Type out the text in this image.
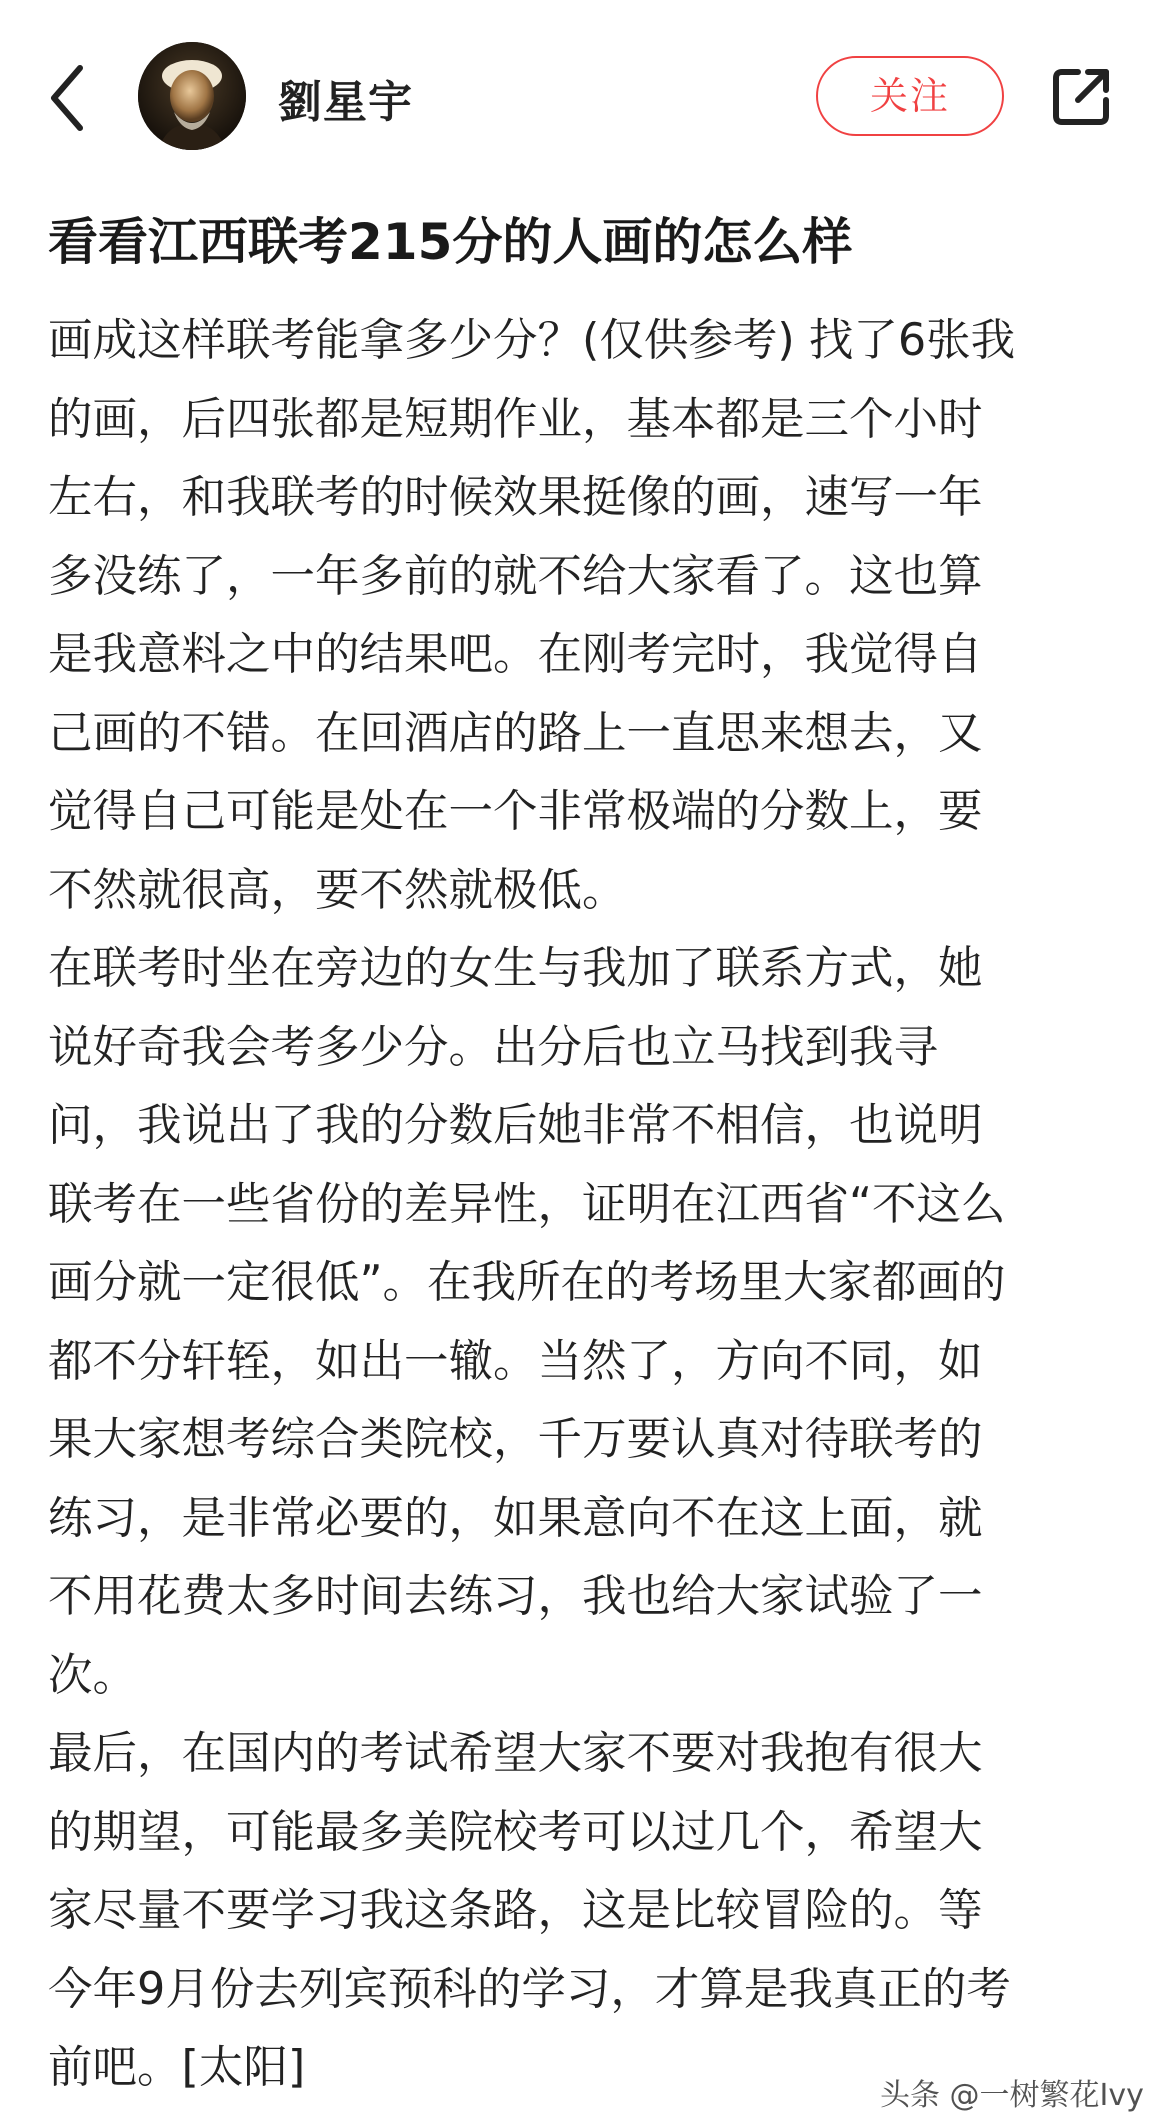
劉星宇	关注
看看江西联考215分的人画的怎么样

画成这样联考能拿多少分？(仅供参考) 找了6张我
的画，后四张都是短期作业，基本都是三个小时
左右，和我联考的时候效果挺像的画，速写一年
多没练了，一年多前的就不给大家看了。这也算
是我意料之中的结果吧。在刚考完时，我觉得自
己画的不错。在回酒店的路上一直思来想去，又
觉得自己可能是处在一个非常极端的分数上，要
不然就很高，要不然就极低。

在联考时坐在旁边的女生与我加了联系方式，她
说好奇我会考多少分。出分后也立马找到我寻
问，我说出了我的分数后她非常不相信，也说明
联考在一些省份的差异性，证明在江西省“不这么
画分就一定很低”。在我所在的考场里大家都画的
都不分轩轾，如出一辙。当然了，方向不同，如
果大家想考综合类院校，千万要认真对待联考的
练习，是非常必要的，如果意向不在这上面，就
不用花费太多时间去练习，我也给大家试验了一
次。

最后，在国内的考试希望大家不要对我抱有很大
的期望，可能最多美院校考可以过几个，希望大
家尽量不要学习我这条路，这是比较冒险的。等
今年9月份去列宾预科的学习，才算是我真正的考
前吧。[太阳]

头条 @一树繁花Ivy
